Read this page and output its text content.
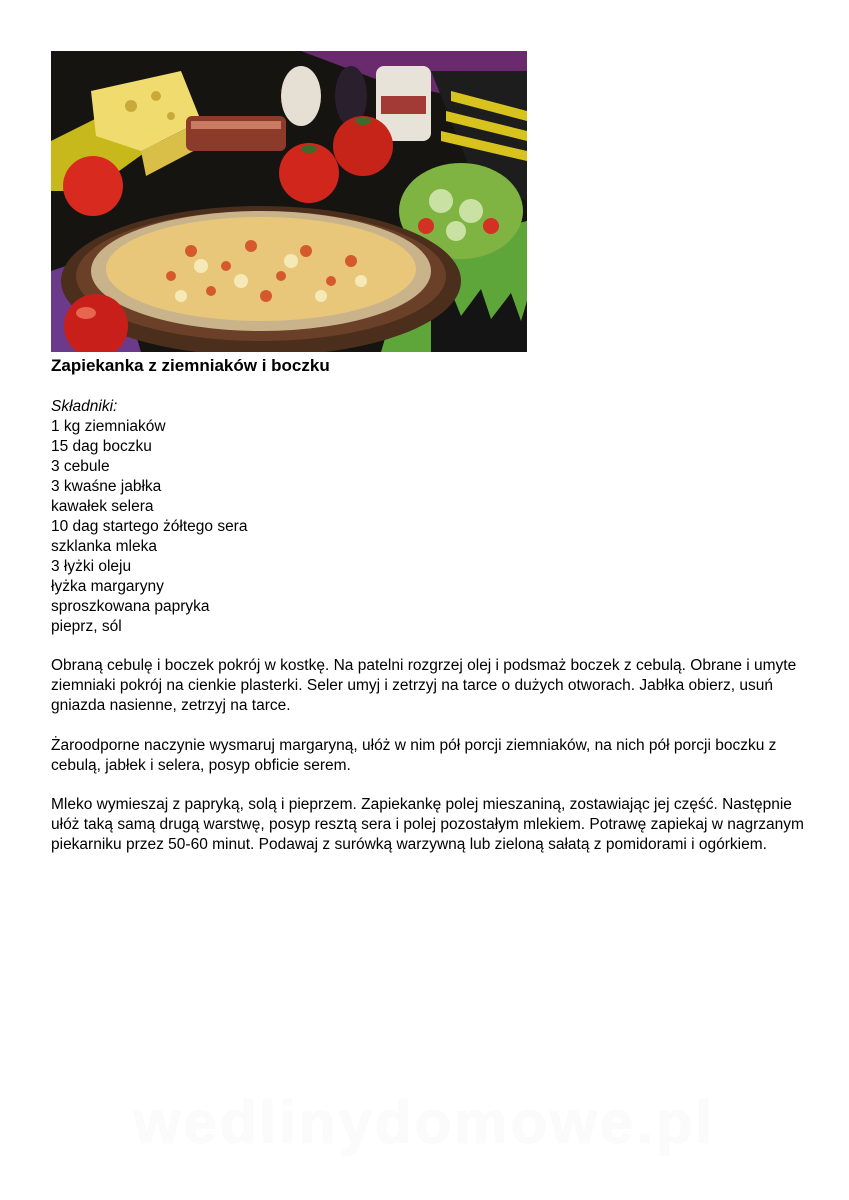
Zapiekanka z ziemniaków i boczku

Składniki:

1 kg ziemniaków
15 dag boczku
3 cebule
3 kwaśne jabłka
kawałek selera
10 dag startego żółtego sera
szklanka mleka
3 łyżki oleju
łyżka margaryny
sproszkowana papryka
pieprz, sól

Obraną cebulę i boczek pokrój w kostkę. Na patelni rozgrzej olej i podsmaż boczek z cebulą. Obrane i umyte ziemniaki pokrój na cienkie plasterki. Seler umyj i zetrzyj na tarce o dużych otworach. Jabłka obierz, usuń gniazda nasienne, zetrzyj na tarce.

Żaroodporne naczynie wysmaruj margaryną, ułóż w nim pół porcji ziemniaków, na nich pół porcji boczku z cebulą, jabłek i selera, posyp obficie serem.

Mleko wymieszaj z papryką, solą i pieprzem. Zapiekankę polej mieszaniną, zostawiając jej część. Następnie ułóż taką samą drugą warstwę, posyp resztą sera i polej pozostałym mlekiem. Potrawę zapiekaj w nagrzanym piekarniku przez 50-60 minut. Podawaj z surówką warzywną lub zieloną sałatą z pomidorami i ogórkiem.

wedlinydomowe.pl
